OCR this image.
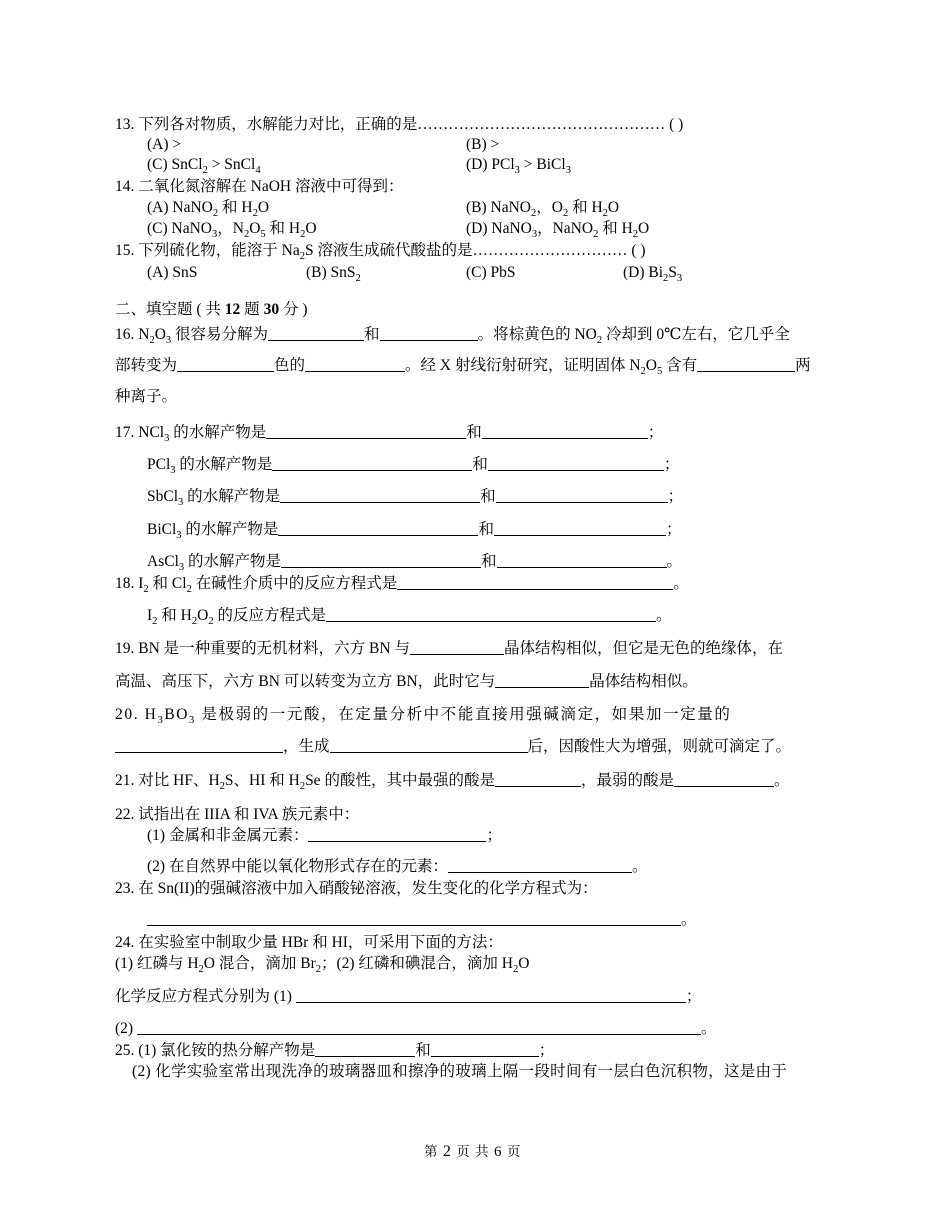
13. 下列各对物质，水解能力对比，正确的是………………………………………… ( )
(A) >	(B) >
(C) SnCl$_2$ > SnCl$_4$	(D) PCl$_3$ > BiCl$_3$
14. 二氧化氮溶解在 NaOH 溶液中可得到：
(A) NaNO$_2$ 和 $H_2O$	(B) NaNO$_2$，$O_2$ 和 $H_2O$
(C) NaNO$_3$，$N_2O_5$ 和 $H_2O$	(D) NaNO$_3$，NaNO$_2$ 和 $H_2O$
15. 下列硫化物，能溶于 $Na_2S$ 溶液生成硫代酸盐的是………………………… ( )
(A) SnS	(B) SnS$_2$	(C) PbS	(D) $Bi_2S_3$
二、填空题 ( 共 12 题 30 分 )
16. $N_2O_3$ 很容易分解为	和	。将棕黄色的 $NO_2$ 冷却到 0℃左右，它几乎全
部转变为	色的	。经 X 射线衍射研究，证明固体 $N_2O_5$ 含有	两
种离子。
17. NCl$_3$ 的水解产物是	和	；
PCl$_3$ 的水解产物是	和	；
SbCl$_3$ 的水解产物是	和	；
BiCl$_3$ 的水解产物是	和	；
AsCl$_3$ 的水解产物是	和	。
18. $I_2$ 和 $Cl_2$ 在碱性介质中的反应方程式是	。
$I_2$ 和 $H_2O_2$ 的反应方程式是	。
19. BN 是一种重要的无机材料，六方 BN 与	晶体结构相似，但它是无色的绝缘体，在
高温、高压下，六方 BN 可以转变为立方 BN，此时它与	晶体结构相似。
20. $H_3BO_3$ 是极弱的一元酸，在定量分析中不能直接用强碱滴定，如果加一定量的
，生成	后，因酸性大为增强，则就可滴定了。
21. 对比 HF、$H_2S$、HI 和 $H_2Se$ 的酸性，其中最强的酸是	，最弱的酸是	。
22. 试指出在 IIIA 和 IVA 族元素中：
(1) 金属和非金属元素：	；
(2) 在自然界中能以氧化物形式存在的元素：	。
23. 在 Sn(II)的强碱溶液中加入硝酸铋溶液，发生变化的化学方程式为：
。
24. 在实验室中制取少量 HBr 和 HI，可采用下面的方法：
(1) 红磷与 $H_2O$ 混合，滴加 $Br_2$；(2) 红磷和碘混合，滴加 $H_2O$
化学反应方程式分别为 (1)	；
(2)	。
25. (1) 氯化铵的热分解产物是	和	；
(2) 化学实验室常出现洗净的玻璃器皿和擦净的玻璃上隔一段时间有一层白色沉积物，这是由于
第 2 页 共 6 页
